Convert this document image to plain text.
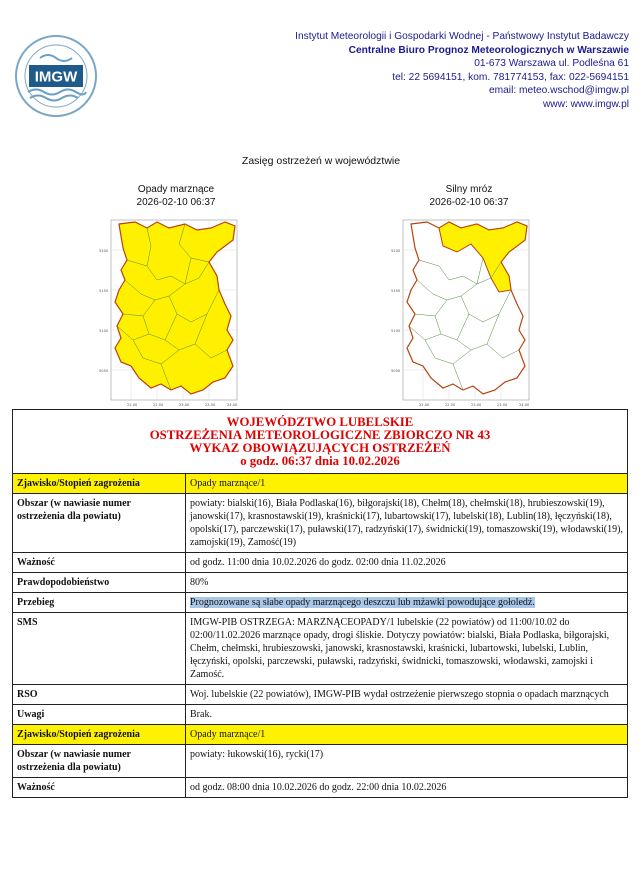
IMGW
Instytut Meteorologii i Gospodarki Wodnej - Państwowy Instytut Badawczy
Centralne Biuro Prognoz Meteorologicznych w Warszawie
01-673 Warszawa ul. Podleśna 61
tel: 22 5694151, kom. 781774153, fax: 022-5694151
email: meteo.wschod@imgw.pl
www: www.imgw.pl
Zasięg ostrzeżeń w województwie
Opady marznące
2026-02-10 06:37
Silny mróz
2026-02-10 06:37
5200
5150
5100
5050
22.00	22.50	23.00	23.50	24.00
5200
5150
5100
5050
22.00	22.50	23.00	23.50	24.00
WOJEWÓDZTWO LUBELSKIE
OSTRZEŻENIA METEOROLOGICZNE ZBIORCZO NR 43
WYKAZ OBOWIĄZUJĄCYCH OSTRZEŻEŃ
o godz. 06:37 dnia 10.02.2026	

Zjawisko/Stopień zagrożenia	Opady marznące/1
Obszar (w nawiasie numer ostrzeżenia dla powiatu)	powiaty: bialski(16), Biała Podlaska(16), biłgorajski(18), Chełm(18), chełmski(18), hrubieszowski(19), janowski(17), krasnostawski(19), kraśnicki(17), lubartowski(17), lubelski(18), Lublin(18), łęczyński(18), opolski(17), parczewski(17), puławski(17), radzyński(17), świdnicki(19), tomaszowski(19), włodawski(19), zamojski(19), Zamość(19)
Ważność	od godz. 11:00 dnia 10.02.2026 do godz. 02:00 dnia 11.02.2026
Prawdopodobieństwo	80%
Przebieg	Prognozowane są słabe opady marznącego deszczu lub mżawki powodujące gołoledź.
SMS	IMGW-PIB OSTRZEGA: MARZNĄCEOPADY/1 lubelskie (22 powiatów) od 11:00/10.02 do 02:00/11.02.2026 marznące opady, drogi śliskie. Dotyczy powiatów: bialski, Biała Podlaska, biłgorajski, Chełm, chełmski, hrubieszowski, janowski, krasnostawski, kraśnicki, lubartowski, lubelski, Lublin, łęczyński, opolski, parczewski, puławski, radzyński, świdnicki, tomaszowski, włodawski, zamojski i Zamość.
RSO	Woj. lubelskie (22 powiatów), IMGW-PIB wydał ostrzeżenie pierwszego stopnia o opadach marznących
Uwagi	Brak.
Zjawisko/Stopień zagrożenia	Opady marznące/1
Obszar (w nawiasie numer ostrzeżenia dla powiatu)	powiaty: łukowski(16), rycki(17)
Ważność	od godz. 08:00 dnia 10.02.2026 do godz. 22:00 dnia 10.02.2026
